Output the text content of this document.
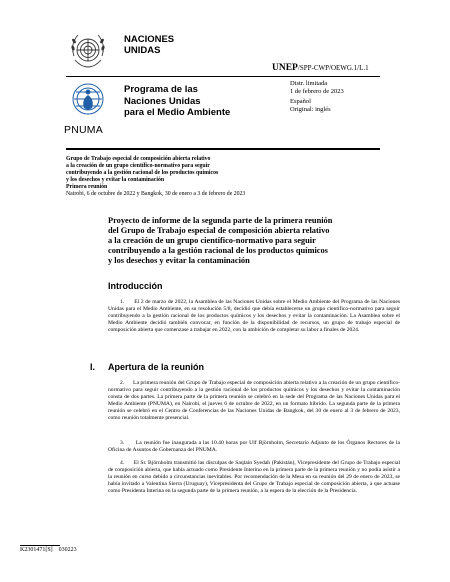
NACIONES
UNIDAS
UNEP/SPP-CWP/OEWG.1/L.1
PNUMA
Programa de las
Naciones Unidas
para el Medio Ambiente
Distr. limitada
1 de febrero de 2023
Español
Original: inglés
Grupo de Trabajo especial de composición abierta relativo
a la creación de un grupo científico-normativo para seguir
contribuyendo a la gestión racional de los productos químicos
y los desechos y evitar la contaminación
Primera reunión
Nairobi, 6 de octubre de 2022 y Bangkok, 30 de enero a 3 de febrero de 2023
Proyecto de informe de la segunda parte de la primera reunión
del Grupo de Trabajo especial de composición abierta relativo
a la creación de un grupo científico-normativo para seguir
contribuyendo a la gestión racional de los productos químicos
y los desechos y evitar la contaminación
Introducción
1. El 2 de marzo de 2022, la Asamblea de las Naciones Unidas sobre el Medio Ambiente del Programa de las Naciones Unidas para el Medio Ambiente, en su resolución 5/8, decidió que debía establecerse un grupo científico-normativo para seguir contribuyendo a la gestión racional de los productos químicos y los desechos y evitar la contaminación. La Asamblea sobre el Medio Ambiente decidió también convocar, en función de la disponibilidad de recursos, un grupo de trabajo especial de composición abierta que comenzase a trabajar en 2022, con la ambición de completar su labor a finales de 2024.
I. Apertura de la reunión
2. La primera reunión del Grupo de Trabajo especial de composición abierta relativo a la creación de un grupo científico-normativo para seguir contribuyendo a la gestión racional de los productos químicos y los desechos y evitar la contaminación consta de dos partes. La primera parte de la primera reunión se celebró en la sede del Programa de las Naciones Unidas para el Medio Ambiente (PNUMA), en Nairobi, el jueves 6 de octubre de 2022, en un formato híbrido. La segunda parte de la primera reunión se celebró en el Centro de Conferencias de las Naciones Unidas de Bangkok, del 30 de enero al 3 de febrero de 2023, como reunión totalmente presencial.
3. La reunión fue inaugurada a las 10.40 horas por Ulf Björnholm, Secretario Adjunto de los Órganos Rectores de la Oficina de Asuntos de Gobernanza del PNUMA.
4. El Sr. Björnholm transmitió las disculpas de Saqlain Syedah (Pakistán), Vicepresidente del Grupo de Trabajo especial de composición abierta, que había actuado como Presidente Interino en la primera parte de la primera reunión y no podía asistir a la reunión en curso debido a circunstancias inevitables. Por recomendación de la Mesa en su reunión del 29 de enero de 2023, se había invitado a Valentina Sierra (Uruguay), Vicepresidenta del Grupo de Trabajo especial de composición abierta, a que actuase como Presidenta Interina en la segunda parte de la primera reunión, a la espera de la elección de la Presidencia.
K2301471[S]    030223
